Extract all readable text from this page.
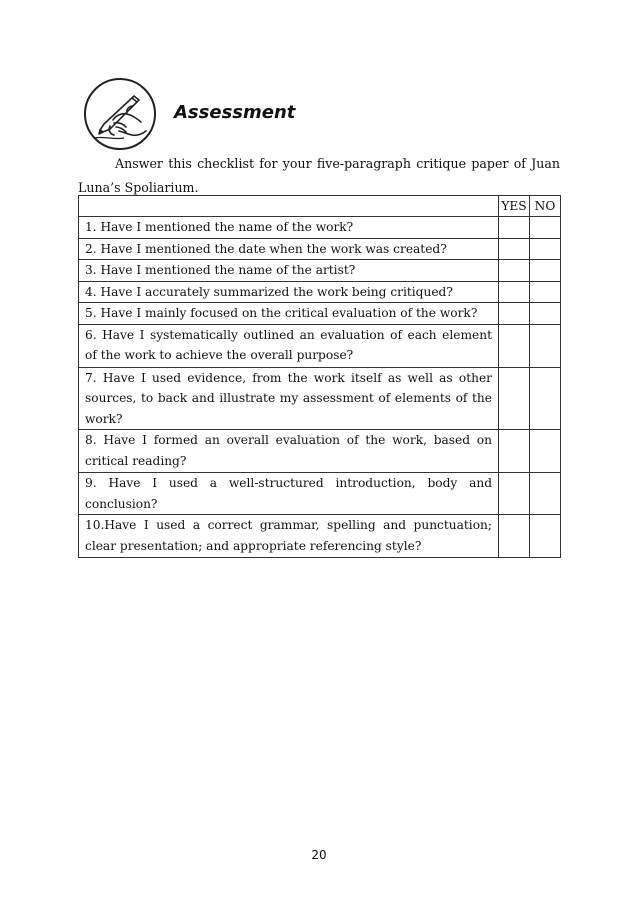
Assessment
Answer this checklist for your five-paragraph critique paper of Juan Luna’s Spoliarium.
	YES	NO
1. Have I mentioned the name of the work?		
2. Have I mentioned the date when the work was created?		
3. Have I mentioned the name of the artist?		
4. Have I accurately summarized the work being critiqued?		
5. Have I mainly focused on the critical evaluation of the work?		
6. Have I systematically outlined an evaluation of each element of the work to achieve the overall purpose?		
7. Have I used evidence, from the work itself as well as other sources, to back and illustrate my assessment of elements of the work?		
8. Have I formed an overall evaluation of the work, based on critical reading?		
9. Have I used a well-structured introduction, body and conclusion?		
10.Have I used a correct grammar, spelling and punctuation; clear presentation; and appropriate referencing style?		
20
